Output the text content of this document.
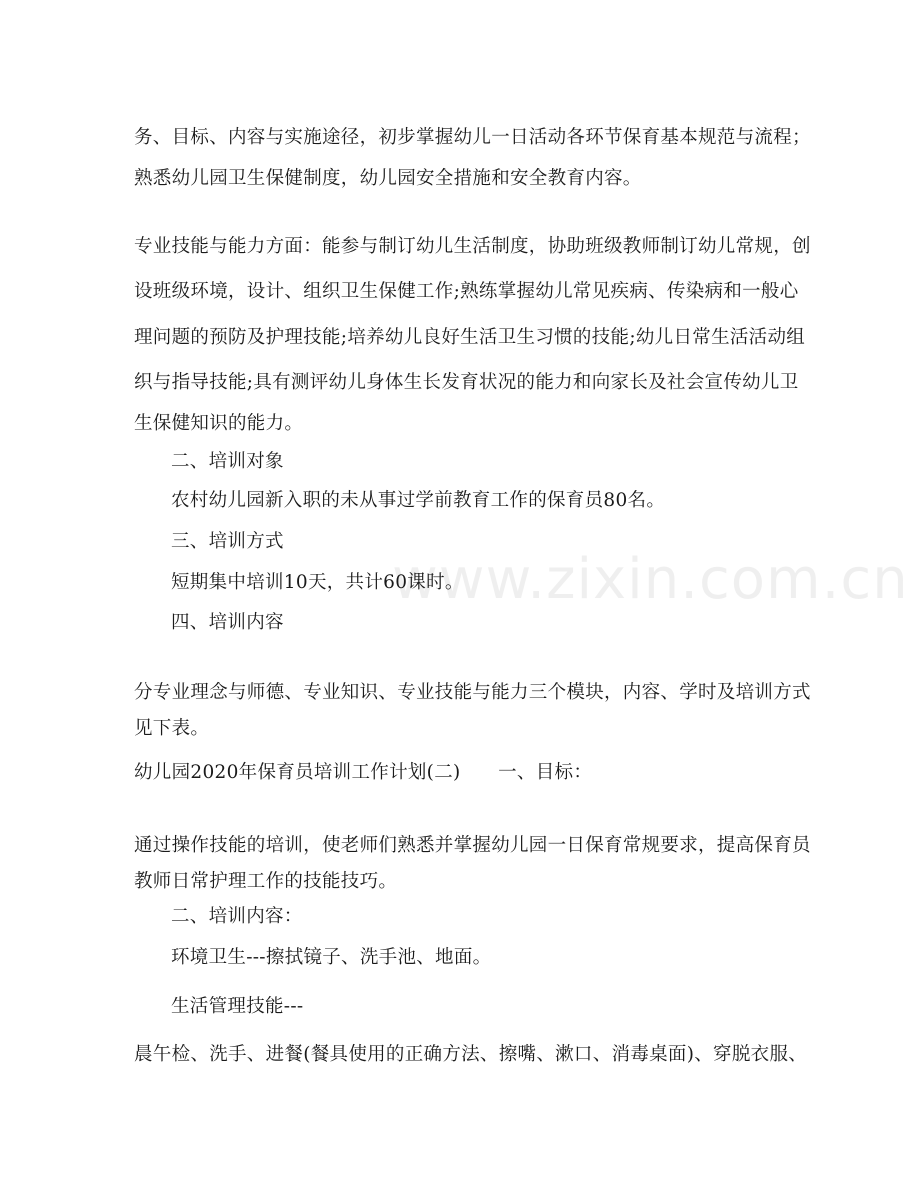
www.zixin.com.cn
务、目标、内容与实施途径，初步掌握幼儿一日活动各环节保育基本规范与流程；
熟悉幼儿园卫生保健制度，幼儿园安全措施和安全教育内容。
专业技能与能力方面：能参与制订幼儿生活制度，协助班级教师制订幼儿常规，创
设班级环境，设计、组织卫生保健工作;熟练掌握幼儿常见疾病、传染病和一般心
理问题的预防及护理技能;培养幼儿良好生活卫生习惯的技能;幼儿日常生活活动组
织与指导技能;具有测评幼儿身体生长发育状况的能力和向家长及社会宣传幼儿卫
生保健知识的能力。
二、培训对象
农村幼儿园新入职的未从事过学前教育工作的保育员80名。
三、培训方式
短期集中培训10天，共计60课时。
四、培训内容
分专业理念与师德、专业知识、专业技能与能力三个模块，内容、学时及培训方式
见下表。
幼儿园2020年保育员培训工作计划(二)　　一、目标：
通过操作技能的培训，使老师们熟悉并掌握幼儿园一日保育常规要求，提高保育员
教师日常护理工作的技能技巧。
二、培训内容：
环境卫生---擦拭镜子、洗手池、地面。
生活管理技能---
晨午检、洗手、进餐(餐具使用的正确方法、擦嘴、漱口、消毒桌面)、穿脱衣服、
